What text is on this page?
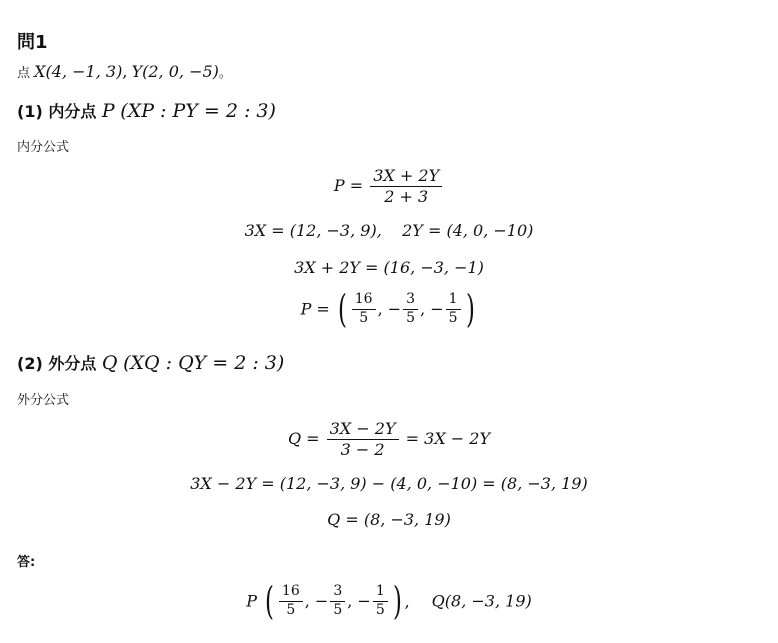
問1
点 X(4, −1, 3), Y(2, 0, −5)。
(1) 内分点 P (XP : PY = 2 : 3)
内分公式
$P = \frac{3X + 2Y}{2 + 3}$
3X = (12, −3, 9),    2Y = (4, 0, −10)
3X + 2Y = (16, −3, −1)
P = ( $\frac{16}{5}$ , − $\frac{3}{5}$ , − $\frac{1}{5}$ )
(2) 外分点 Q (XQ : QY = 2 : 3)
外分公式
$Q = \frac{3X - 2Y}{3 - 2} = 3X - 2Y$
3X − 2Y = (12, −3, 9) − (4, 0, −10) = (8, −3, 19)
Q = (8, −3, 19)
答:
P ( $\frac{16}{5}$ , − $\frac{3}{5}$ , − $\frac{1}{5}$ ) , Q(8, −3, 19)
